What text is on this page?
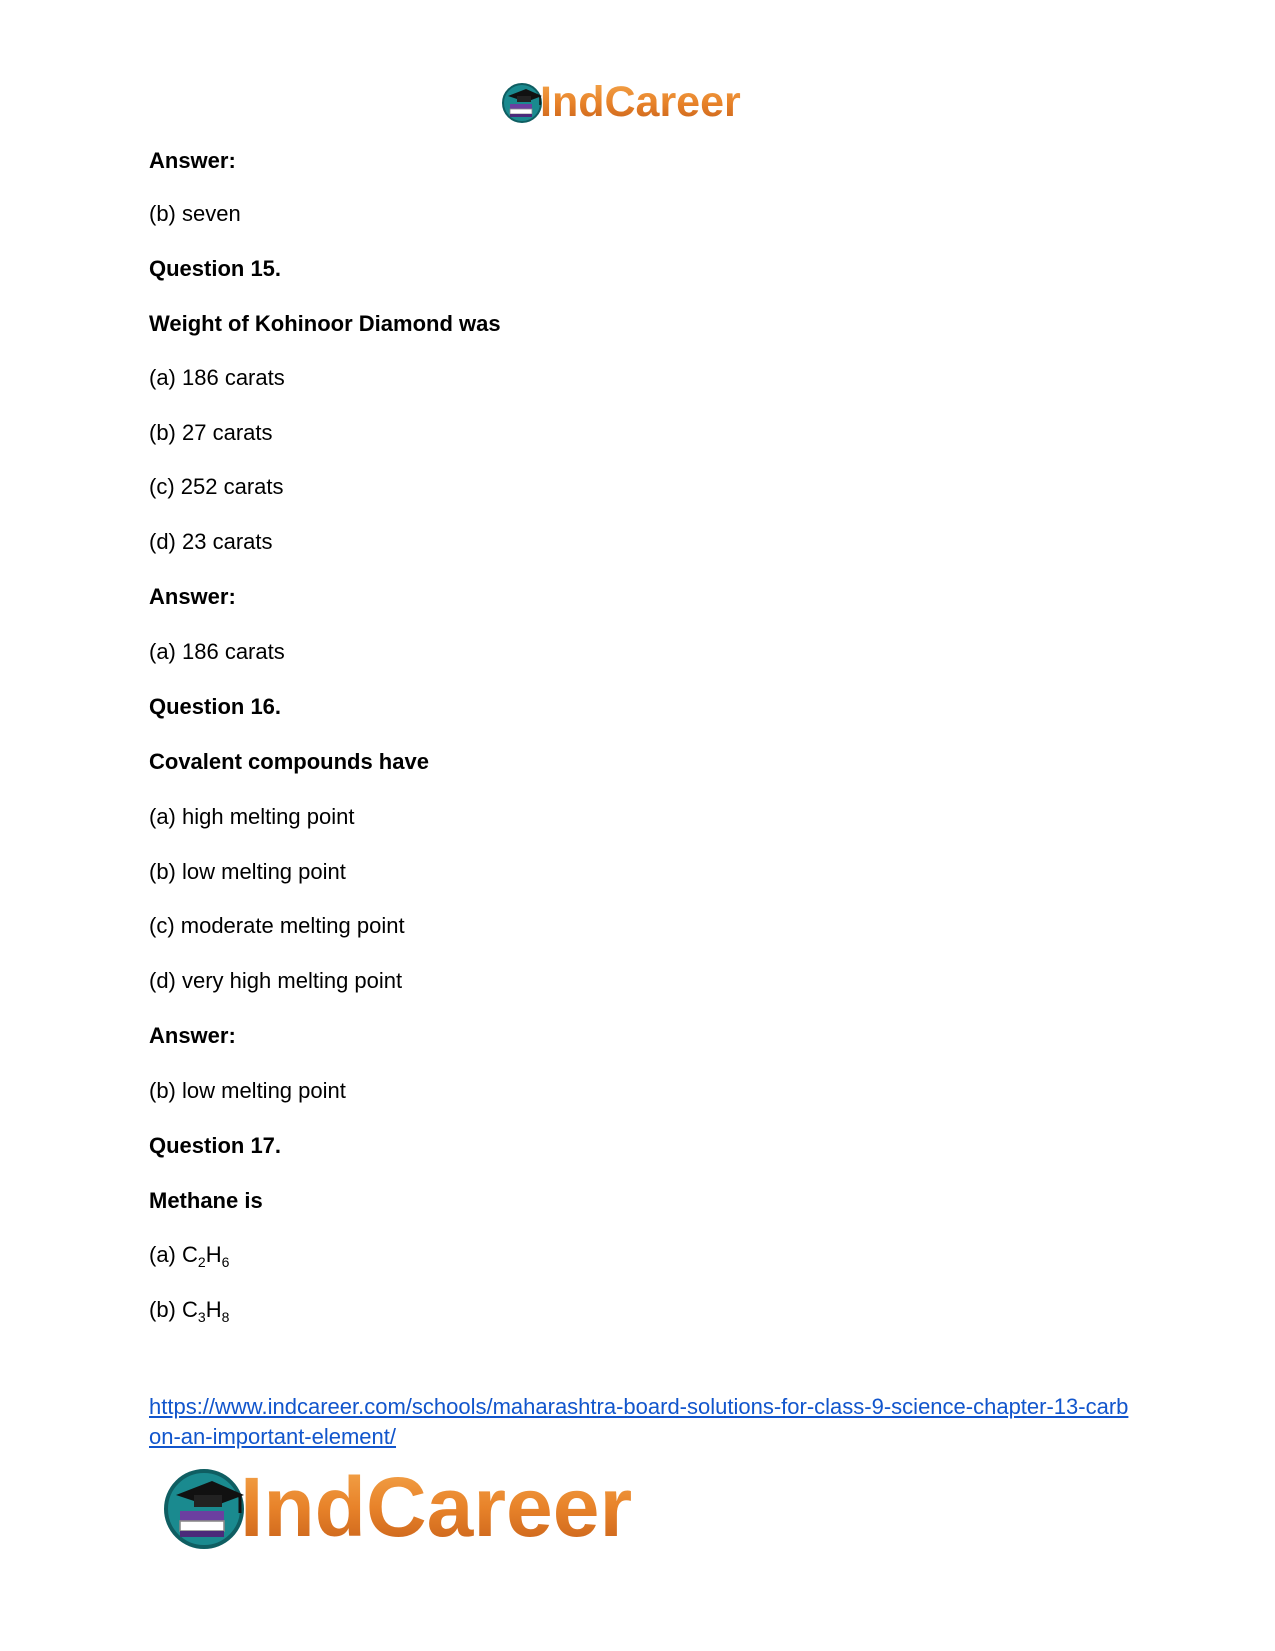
IndCareer
Answer:
(b) seven
Question 15.
Weight of Kohinoor Diamond was
(a) 186 carats
(b) 27 carats
(c) 252 carats
(d) 23 carats
Answer:
(a) 186 carats
Question 16.
Covalent compounds have
(a) high melting point
(b) low melting point
(c) moderate melting point
(d) very high melting point
Answer:
(b) low melting point
Question 17.
Methane is
(a) $C_2H_6$
(b) $C_3H_8$
https://www.indcareer.com/schools/maharashtra-board-solutions-for-class-9-science-chapter-13-carbon-an-important-element/
IndCareer
